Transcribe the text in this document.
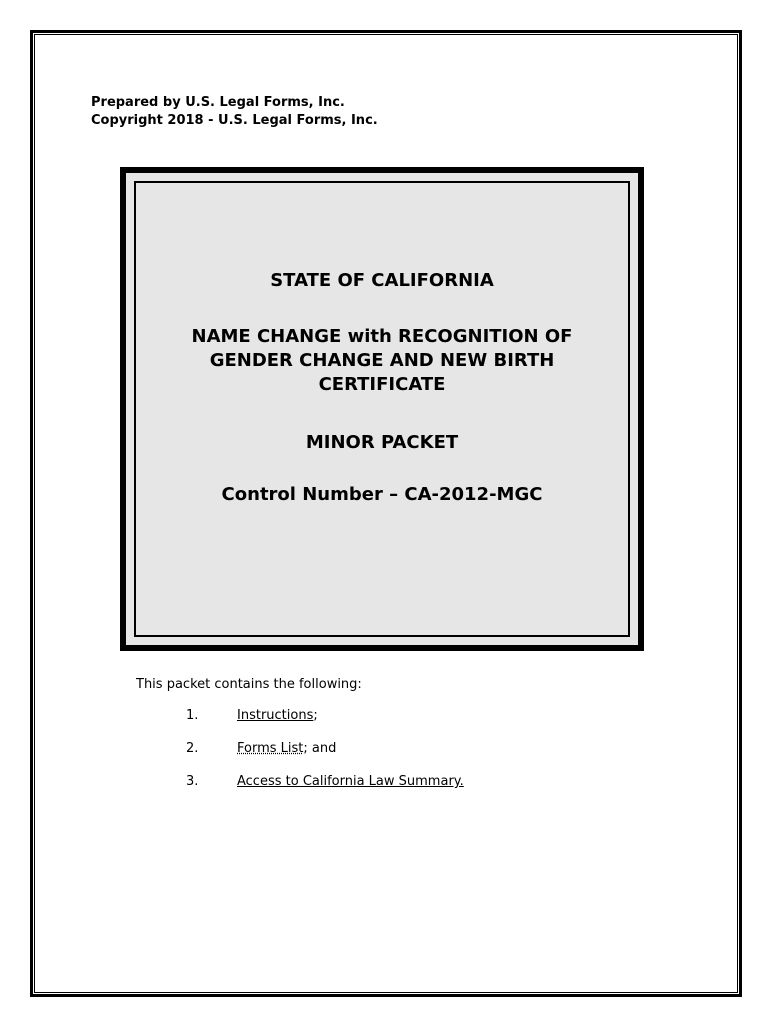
Prepared by U.S. Legal Forms, Inc.
Copyright 2018 - U.S. Legal Forms, Inc.
STATE OF CALIFORNIA
NAME CHANGE with RECOGNITION OF
GENDER CHANGE AND NEW BIRTH
CERTIFICATE
MINOR PACKET
Control Number – CA-2012-MGC
This packet contains the following:
1.	Instructions;
2.	Forms List; and
3.	Access to California Law Summary.
